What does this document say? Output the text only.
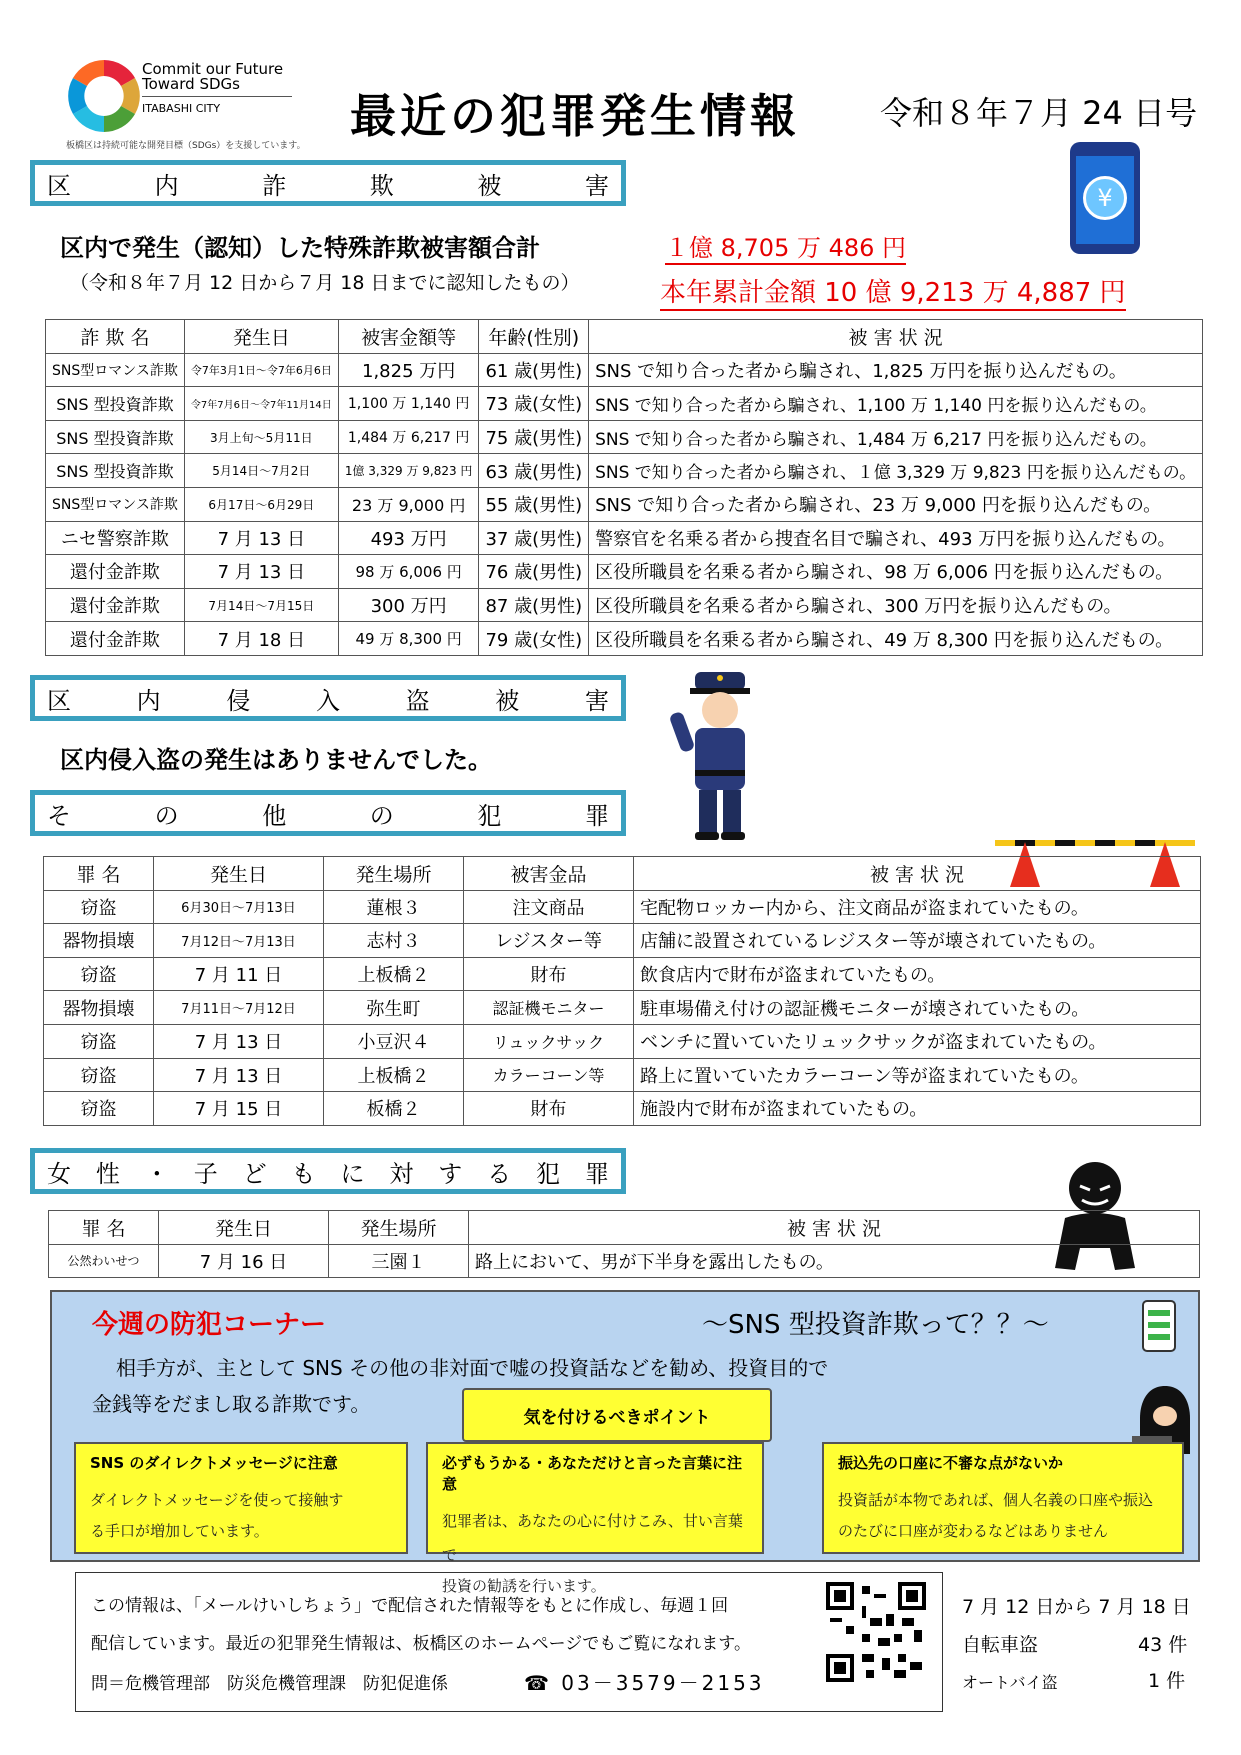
Commit our Future
Toward SDGs
ITABASHI CITY
板橋区は持続可能な開発目標（SDGs）を支援しています。
最近の犯罪発生情報	令和８年７月 24 日号
区	内	詐	欺	被	害	¥
区内で発生（認知）した特殊詐欺被害額合計
（令和８年７月 12 日から７月 18 日までに認知したもの）
１億 8,705 万 486 円
本年累計金額 10 億 9,213 万 4,887 円
詐 欺 名	発生日	被害金額等	年齢(性別)	被 害 状 況
SNS型ロマンス詐欺	令7年3月1日～令7年6月6日	1,825 万円	61 歳(男性)	SNS で知り合った者から騙され、1,825 万円を振り込んだもの。
SNS 型投資詐欺	令7年7月6日～令7年11月14日	1,100 万 1,140 円	73 歳(女性)	SNS で知り合った者から騙され、1,100 万 1,140 円を振り込んだもの。
SNS 型投資詐欺	3月上旬～5月11日	1,484 万 6,217 円	75 歳(男性)	SNS で知り合った者から騙され、1,484 万 6,217 円を振り込んだもの。
SNS 型投資詐欺	5月14日～7月2日	1億 3,329 万 9,823 円	63 歳(男性)	SNS で知り合った者から騙され、１億 3,329 万 9,823 円を振り込んだもの。
SNS型ロマンス詐欺	6月17日～6月29日	23 万 9,000 円	55 歳(男性)	SNS で知り合った者から騙され、23 万 9,000 円を振り込んだもの。
ニセ警察詐欺	7 月 13 日	493 万円	37 歳(男性)	警察官を名乗る者から捜査名目で騙され、493 万円を振り込んだもの。
還付金詐欺	7 月 13 日	98 万 6,006 円	76 歳(男性)	区役所職員を名乗る者から騙され、98 万 6,006 円を振り込んだもの。
還付金詐欺	7月14日～7月15日	300 万円	87 歳(男性)	区役所職員を名乗る者から騙され、300 万円を振り込んだもの。
還付金詐欺	7 月 18 日	49 万 8,300 円	79 歳(女性)	区役所職員を名乗る者から騙され、49 万 8,300 円を振り込んだもの。
区	内	侵	入	盗	被	害
区内侵入盗の発生はありませんでした。
そ	の	他	の	犯	罪
罪 名	発生日	発生場所	被害金品	被 害 状 況
窃盗	6月30日～7月13日	蓮根３	注文商品	宅配物ロッカー内から、注文商品が盗まれていたもの。
器物損壊	7月12日～7月13日	志村３	レジスター等	店舗に設置されているレジスター等が壊されていたもの。
窃盗	7 月 11 日	上板橋２	財布	飲食店内で財布が盗まれていたもの。
器物損壊	7月11日～7月12日	弥生町	認証機モニター	駐車場備え付けの認証機モニターが壊されていたもの。
窃盗	7 月 13 日	小豆沢４	リュックサック	ベンチに置いていたリュックサックが盗まれていたもの。
窃盗	7 月 13 日	上板橋２	カラーコーン等	路上に置いていたカラーコーン等が盗まれていたもの。
窃盗	7 月 15 日	板橋２	財布	施設内で財布が盗まれていたもの。
女 性 ・ 子 ど も に 対 す る 犯 罪
罪 名	発生日	発生場所	被 害 状 況
公然わいせつ	7 月 16 日	三園１	路上において、男が下半身を露出したもの。
今週の防犯コーナー	～SNS 型投資詐欺って？？～
相手方が、主として SNS その他の非対面で嘘の投資話などを勧め、投資目的で
金銭等をだまし取る詐欺です。
気を付けるべきポイント
SNS のダイレクトメッセージに注意
ダイレクトメッセージを使って接触す
る手口が増加しています。
必ずもうかる・あなただけと言った言葉に注意
犯罪者は、あなたの心に付けこみ、甘い言葉で
投資の勧誘を行います。
振込先の口座に不審な点がないか
投資話が本物であれば、個人名義の口座や振込
のたびに口座が変わるなどはありません

この情報は、「メールけいしちょう」で配信された情報等をもとに作成し、毎週１回

配信しています。最近の犯罪発生情報は、板橋区のホームページでもご覧になれます。

問＝危機管理部　防災危機管理課　防犯促進係	☎ 03－3579－2153

7 月 12 日から 7 月 18 日
自転車盗	43 件
オートバイ盗	1 件
